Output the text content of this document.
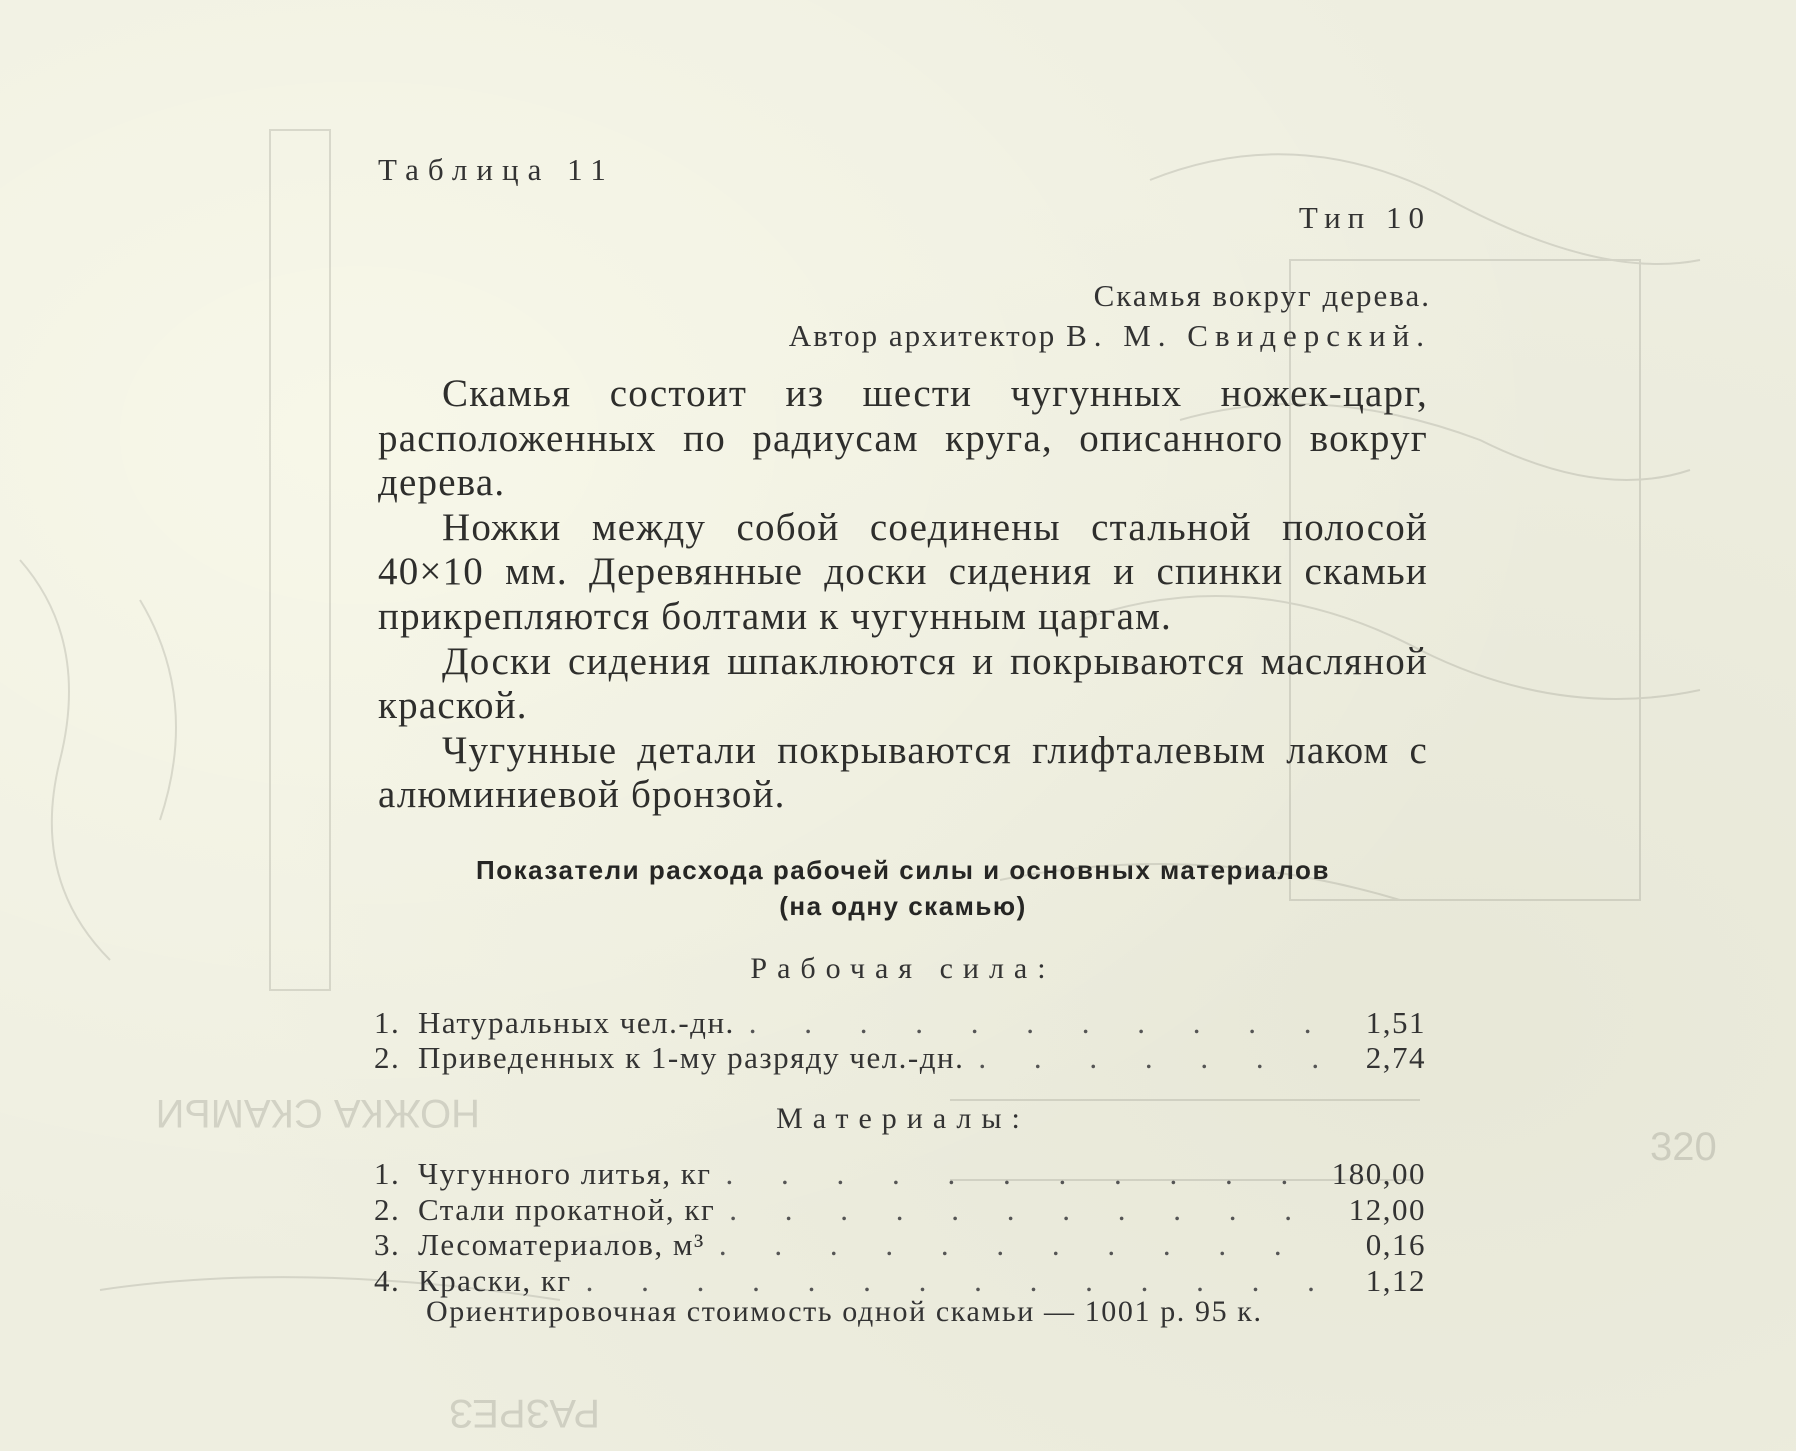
НОЖКА СКАМЬИ
320
РАЗРЕЗ
Таблица 11
Тип 10
Скамья вокруг дерева.
Автор архитектор В. М. Свидерский.

Скамья состоит из шести чугунных ножек-царг, расположенных по радиусам круга, описанного вокруг дерева.

Ножки между собой соединены стальной полосой 40×10 мм. Деревянные доски сидения и спинки скамьи прикрепляются болтами к чугунным царгам.

Доски сидения шпаклюются и покрываются масляной краской.

Чугунные детали покрываются глифталевым лаком с алюминиевой бронзой.

Показатели расхода рабочей силы и основных материалов
(на одну скамью)
Рабочая сила:
1. Натуральных чел.-дн. . . .	1,51
2. Приведенных к 1-му разряду чел.-дн. . . .	2,74
Материалы:
1. Чугунного литья, кг . . .	180,00
2. Стали прокатной, кг . . .	12,00
3. Лесоматериалов, м³ . . .	0,16
4. Краски, кг . . .	1,12
Ориентировочная стоимость одной скамьи — 1001 р. 95 к.
